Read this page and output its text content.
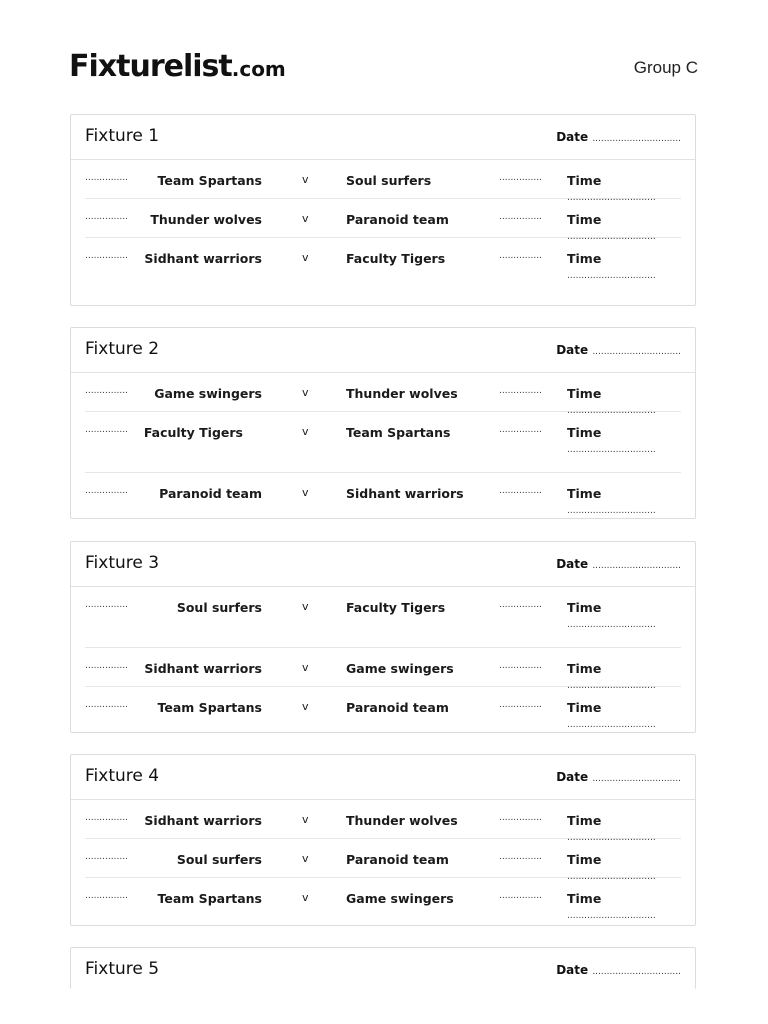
Fixturelist.com	Group C
Fixture 1	Date ...............................
............... Team Spartans	v	Soul surfers	............... Time ...............................
............... Thunder wolves	v	Paranoid team	............... Time ...............................
............... Sidhant warriors	v	Faculty Tigers	............... Time ...............................
Fixture 2	Date ...............................
............... Game swingers	v	Thunder wolves	............... Time ...............................
............... Faculty Tigers	v	Team Spartans	............... Time ...............................
............... Paranoid team	v	Sidhant warriors	............... Time ...............................
Fixture 3	Date ...............................
...............	Soul surfers	v	Faculty Tigers	............... Time ...............................
............... Sidhant warriors	v	Game swingers	............... Time ...............................
............... Team Spartans	v	Paranoid team	............... Time ...............................
Fixture 4	Date ...............................
............... Sidhant warriors	v	Thunder wolves	............... Time ...............................
...............	Soul surfers	v	Paranoid team	............... Time ...............................
............... Team Spartans	v	Game swingers	............... Time ...............................
Fixture 5	Date ...............................
